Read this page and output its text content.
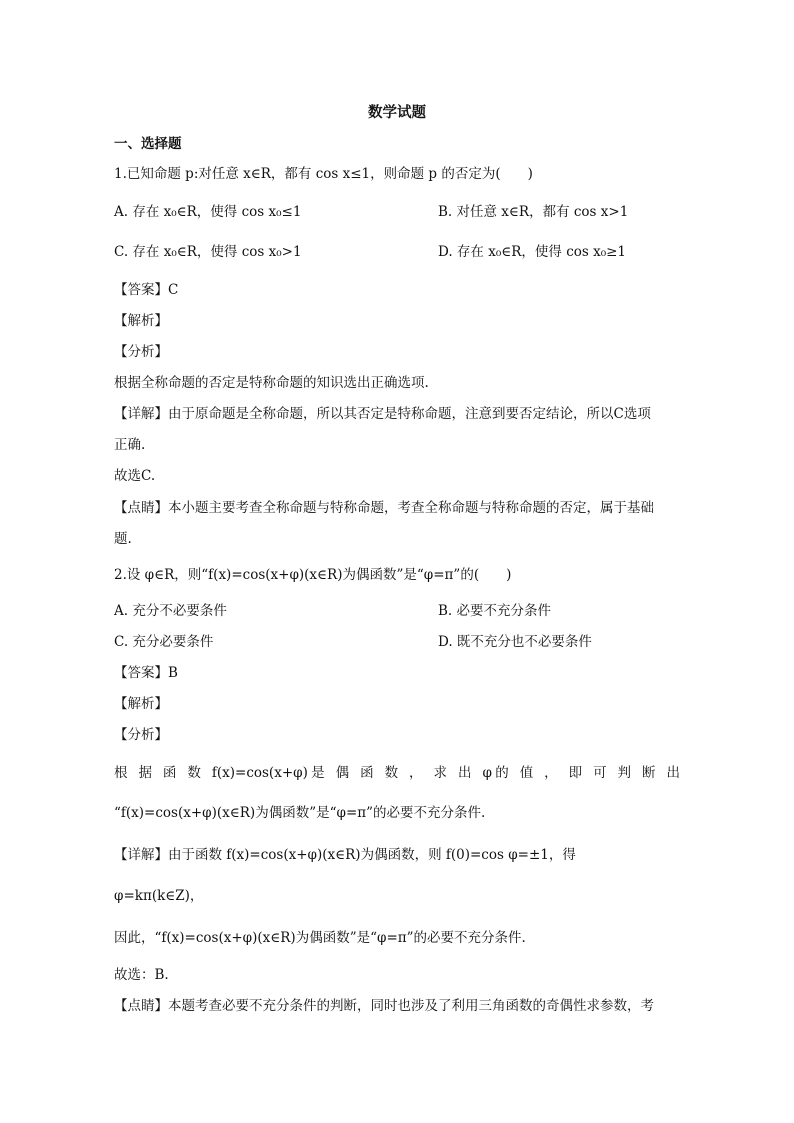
数学试题
一、选择题
1.已知命题 p:对任意 x∈R，都有 cos x≤1，则命题 p 的否定为(　　)
A. 存在 x₀∈R，使得 cos x₀≤1	B. 对任意 x∈R，都有 cos x>1
C. 存在 x₀∈R，使得 cos x₀>1	D. 存在 x₀∈R，使得 cos x₀≥1
【答案】C
【解析】
【分析】
根据全称命题的否定是特称命题的知识选出正确选项.
【详解】由于原命题是全称命题，所以其否定是特称命题，注意到要否定结论，所以C选项
正确.
故选C.
【点睛】本小题主要考查全称命题与特称命题，考查全称命题与特称命题的否定，属于基础
题.
2.设 φ∈R，则“f(x)=cos(x+φ)(x∈R)为偶函数”是“φ=π”的(　　)
A. 充分不必要条件	B. 必要不充分条件
C. 充分必要条件	D. 既不充分也不必要条件
【答案】B
【解析】
【分析】
根 据 函 数 f(x)=cos(x+φ)是 偶 函 数 ， 求 出 φ的 值 ， 即 可 判 断 出
“f(x)=cos(x+φ)(x∈R)为偶函数”是“φ=π”的必要不充分条件.
【详解】由于函数 f(x)=cos(x+φ)(x∈R)为偶函数，则 f(0)=cos φ=±1，得
φ=kπ(k∈Z)，
因此，“f(x)=cos(x+φ)(x∈R)为偶函数”是“φ=π”的必要不充分条件.
故选：B.
【点睛】本题考查必要不充分条件的判断，同时也涉及了利用三角函数的奇偶性求参数，考
